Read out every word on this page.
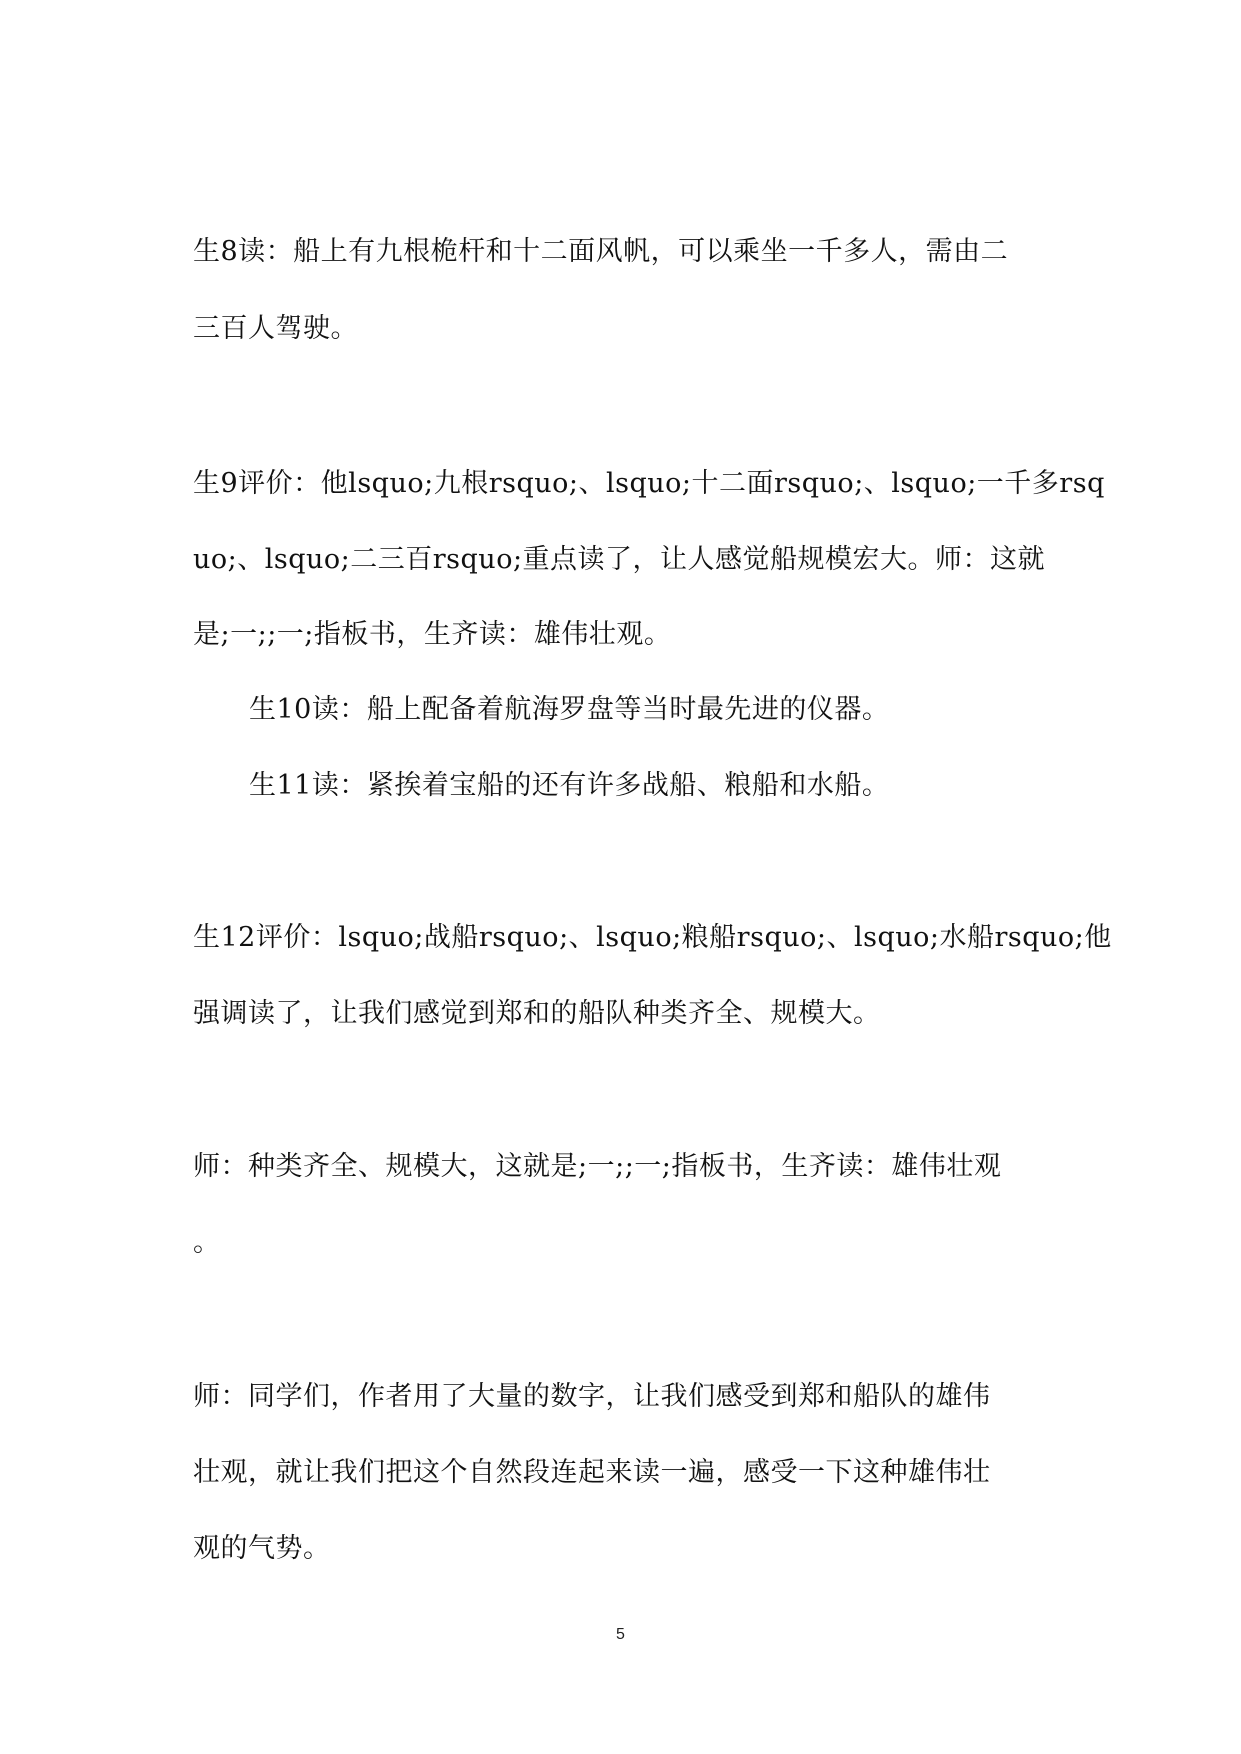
生8读：船上有九根桅杆和十二面风帆，可以乘坐一千多人，需由二
三百人驾驶。
生9评价：他lsquo;九根rsquo;、lsquo;十二面rsquo;、lsquo;一千多rsq
uo;、lsquo;二三百rsquo;重点读了，让人感觉船规模宏大。师：这就
是;一;;一;指板书，生齐读：雄伟壮观。
生10读：船上配备着航海罗盘等当时最先进的仪器。
生11读：紧挨着宝船的还有许多战船、粮船和水船。
生12评价：lsquo;战船rsquo;、lsquo;粮船rsquo;、lsquo;水船rsquo;他
强调读了，让我们感觉到郑和的船队种类齐全、规模大。
师：种类齐全、规模大，这就是;一;;一;指板书，生齐读：雄伟壮观
。
师：同学们，作者用了大量的数字，让我们感受到郑和船队的雄伟
壮观，就让我们把这个自然段连起来读一遍，感受一下这种雄伟壮
观的气势。
5
